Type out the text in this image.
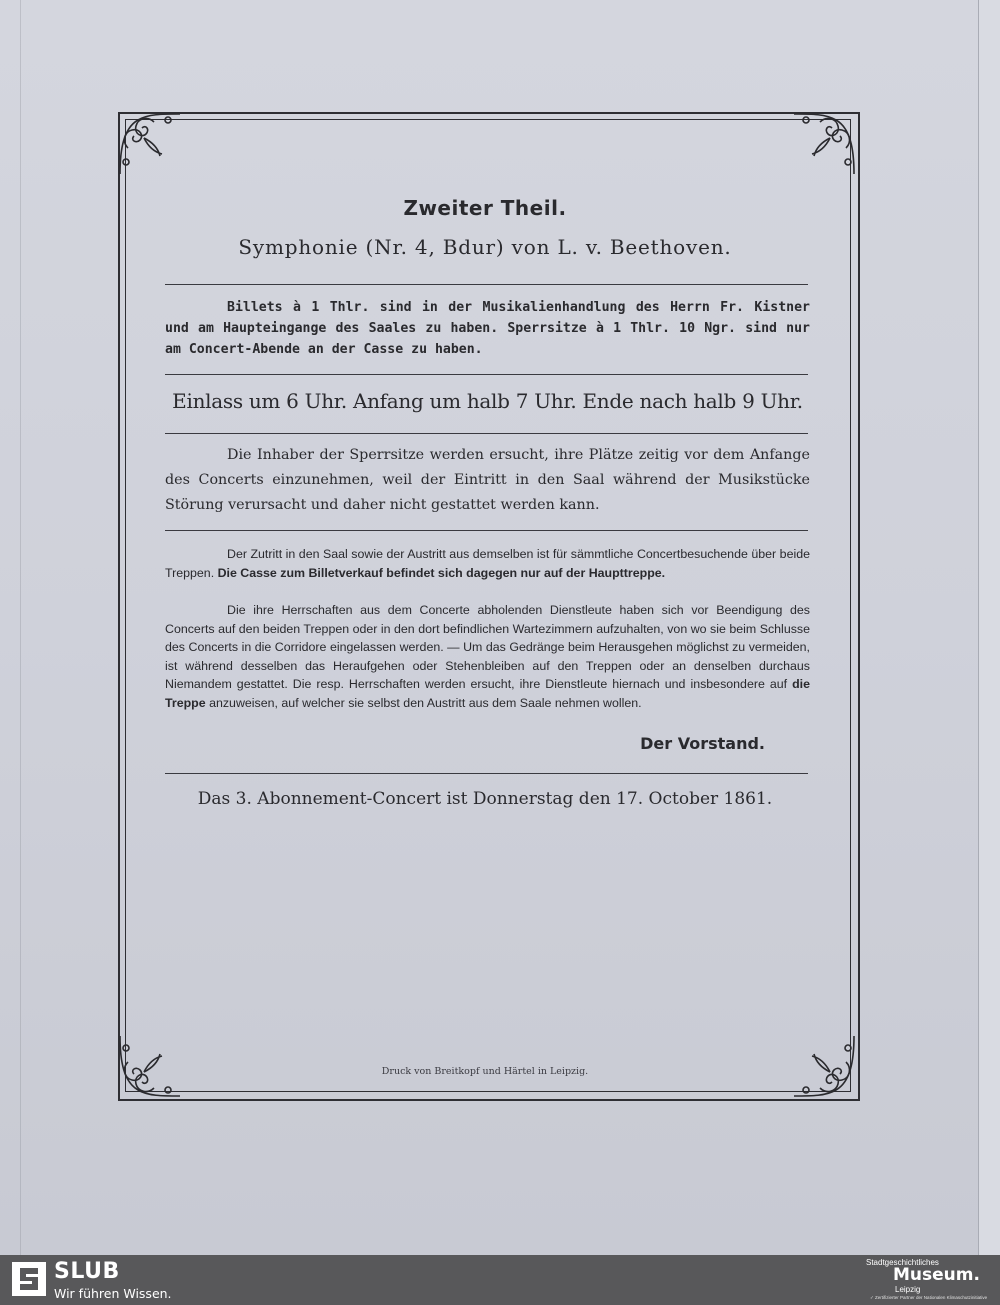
Zweiter Theil.
Symphonie (Nr. 4, Bdur) von L. v. Beethoven.
Billets à 1 Thlr. sind in der Musikalienhandlung des Herrn Fr. Kistner und am Haupteingange des Saales zu haben. Sperrsitze à 1 Thlr. 10 Ngr. sind nur am Concert-Abende an der Casse zu haben.
Einlass um 6 Uhr. Anfang um halb 7 Uhr. Ende nach halb 9 Uhr.
Die Inhaber der Sperrsitze werden ersucht, ihre Plätze zeitig vor dem Anfange des Concerts einzunehmen, weil der Eintritt in den Saal während der Musikstücke Störung verursacht und daher nicht gestattet werden kann.
Der Zutritt in den Saal sowie der Austritt aus demselben ist für sämmtliche Concertbesuchende über beide Treppen. Die Casse zum Billetverkauf befindet sich dagegen nur auf der Haupttreppe.
Die ihre Herrschaften aus dem Concerte abholenden Dienstleute haben sich vor Beendigung des Concerts auf den beiden Treppen oder in den dort befindlichen Wartezimmern aufzuhalten, von wo sie beim Schlusse des Concerts in die Corridore eingelassen werden. — Um das Gedränge beim Herausgehen möglichst zu vermeiden, ist während desselben das Heraufgehen oder Stehenbleiben auf den Treppen oder an denselben durchaus Niemandem gestattet. Die resp. Herrschaften werden ersucht, ihre Dienstleute hiernach und insbesondere auf die Treppe anzuweisen, auf welcher sie selbst den Austritt aus dem Saale nehmen wollen.
Der Vorstand.
Das 3. Abonnement-Concert ist Donnerstag den 17. October 1861.
Druck von Breitkopf und Härtel in Leipzig.
SLUB
Wir führen Wissen.
Stadtgeschichtliches
Museum.
Leipzig
✓ Zertifizierter Partner der Nationalen Klimaschutzinitiative
